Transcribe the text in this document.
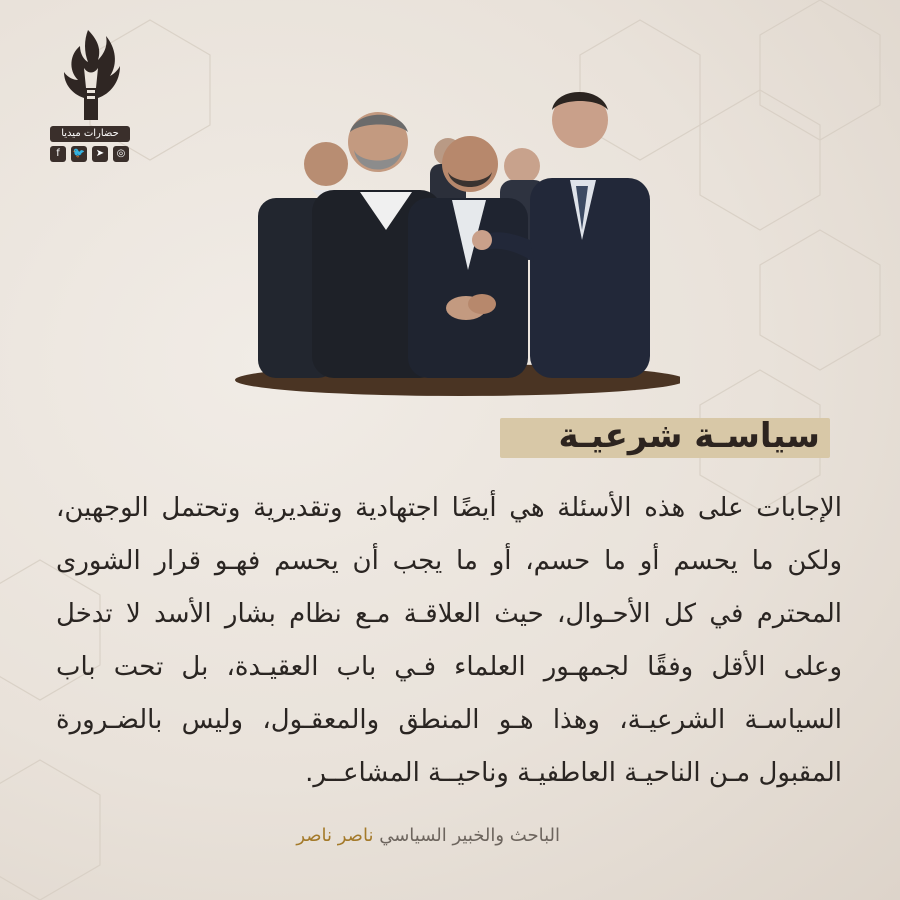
حضارات ميديا
f	🐦	➤	◎
سياسـة شرعيـة
الإجابات على هذه الأسئلة هي أيضًا اجتهادية وتقديرية وتحتمل الوجهين، ولكن ما يحسم أو ما حسم، أو ما يجب أن يحسم فهـو قرار الشورى المحترم في كل الأحـوال، حيث العلاقـة مـع نظام بشار الأسد لا تدخل وعلى الأقل وفقًا لجمهـور العلماء فـي باب العقيـدة، بل تحت باب السياسـة الشرعيـة، وهذا هـو المنطق والمعقـول، وليس بالضـرورة المقبول مـن الناحيـة العاطفيـة وناحيــة المشاعــر.
الباحث والخبير السياسي ناصر ناصر
